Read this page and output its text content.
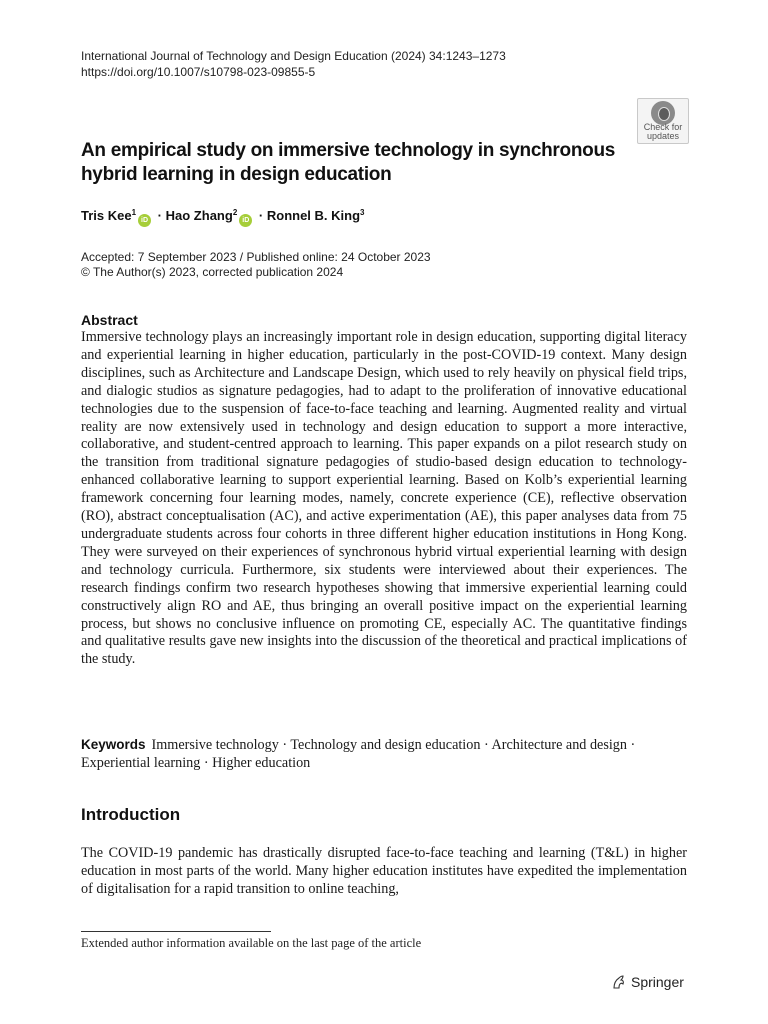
International Journal of Technology and Design Education (2024) 34:1243–1273
https://doi.org/10.1007/s10798-023-09855-5
Check for
updates
An empirical study on immersive technology in synchronous hybrid learning in design education
Tris Kee$^1$iD · Hao Zhang$^2$iD · Ronnel B. King$^3$
Accepted: 7 September 2023 / Published online: 24 October 2023
© The Author(s) 2023, corrected publication 2024
Abstract
Immersive technology plays an increasingly important role in design education, supporting digital literacy and experiential learning in higher education, particularly in the post-COVID-19 context. Many design disciplines, such as Architecture and Landscape Design, which used to rely heavily on physical field trips, and dialogic studios as signature pedagogies, had to adapt to the proliferation of innovative educational technologies due to the suspension of face-to-face teaching and learning. Augmented reality and virtual reality are now extensively used in technology and design education to support a more interactive, collaborative, and student-centred approach to learning. This paper expands on a pilot research study on the transition from traditional signature pedagogies of studio-based design education to technology-enhanced collaborative learning to support experiential learning. Based on Kolb’s experiential learning framework concerning four learning modes, namely, concrete experience (CE), reflective observation (RO), abstract conceptualisation (AC), and active experimentation (AE), this paper analyses data from 75 undergraduate students across four cohorts in three different higher education institutions in Hong Kong. They were surveyed on their experiences of synchronous hybrid virtual experiential learning with design and technology curricula. Furthermore, six students were interviewed about their experiences. The research findings confirm two research hypotheses showing that immersive experiential learning could constructively align RO and AE, thus bringing an overall positive impact on the experiential learning process, but shows no conclusive influence on promoting CE, especially AC. The quantitative findings and qualitative results gave new insights into the discussion of the theoretical and practical implications of the study.
Keywords Immersive technology · Technology and design education · Architecture and design · Experiential learning · Higher education
Introduction
The COVID-19 pandemic has drastically disrupted face-to-face teaching and learning (T&L) in higher education in most parts of the world. Many higher education institutes have expedited the implementation of digitalisation for a rapid transition to online teaching,
Extended author information available on the last page of the article
Springer
